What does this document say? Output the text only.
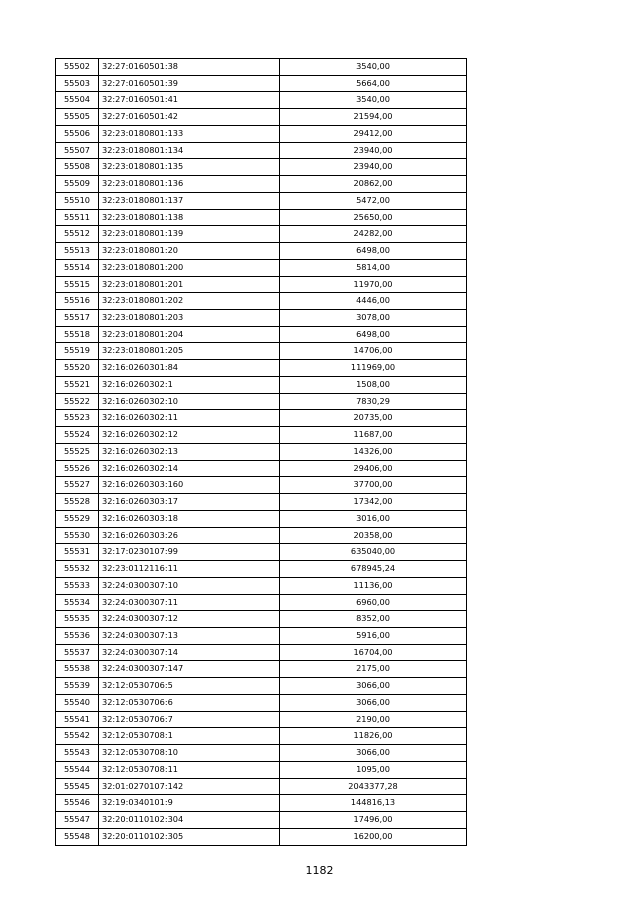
55502	32:27:0160501:38	3540,00
55503	32:27:0160501:39	5664,00
55504	32:27:0160501:41	3540,00
55505	32:27:0160501:42	21594,00
55506	32:23:0180801:133	29412,00
55507	32:23:0180801:134	23940,00
55508	32:23:0180801:135	23940,00
55509	32:23:0180801:136	20862,00
55510	32:23:0180801:137	5472,00
55511	32:23:0180801:138	25650,00
55512	32:23:0180801:139	24282,00
55513	32:23:0180801:20	6498,00
55514	32:23:0180801:200	5814,00
55515	32:23:0180801:201	11970,00
55516	32:23:0180801:202	4446,00
55517	32:23:0180801:203	3078,00
55518	32:23:0180801:204	6498,00
55519	32:23:0180801:205	14706,00
55520	32:16:0260301:84	111969,00
55521	32:16:0260302:1	1508,00
55522	32:16:0260302:10	7830,29
55523	32:16:0260302:11	20735,00
55524	32:16:0260302:12	11687,00
55525	32:16:0260302:13	14326,00
55526	32:16:0260302:14	29406,00
55527	32:16:0260303:160	37700,00
55528	32:16:0260303:17	17342,00
55529	32:16:0260303:18	3016,00
55530	32:16:0260303:26	20358,00
55531	32:17:0230107:99	635040,00
55532	32:23:0112116:11	678945,24
55533	32:24:0300307:10	11136,00
55534	32:24:0300307:11	6960,00
55535	32:24:0300307:12	8352,00
55536	32:24:0300307:13	5916,00
55537	32:24:0300307:14	16704,00
55538	32:24:0300307:147	2175,00
55539	32:12:0530706:5	3066,00
55540	32:12:0530706:6	3066,00
55541	32:12:0530706:7	2190,00
55542	32:12:0530708:1	11826,00
55543	32:12:0530708:10	3066,00
55544	32:12:0530708:11	1095,00
55545	32:01:0270107:142	2043377,28
55546	32:19:0340101:9	144816,13
55547	32:20:0110102:304	17496,00
55548	32:20:0110102:305	16200,00
1182
